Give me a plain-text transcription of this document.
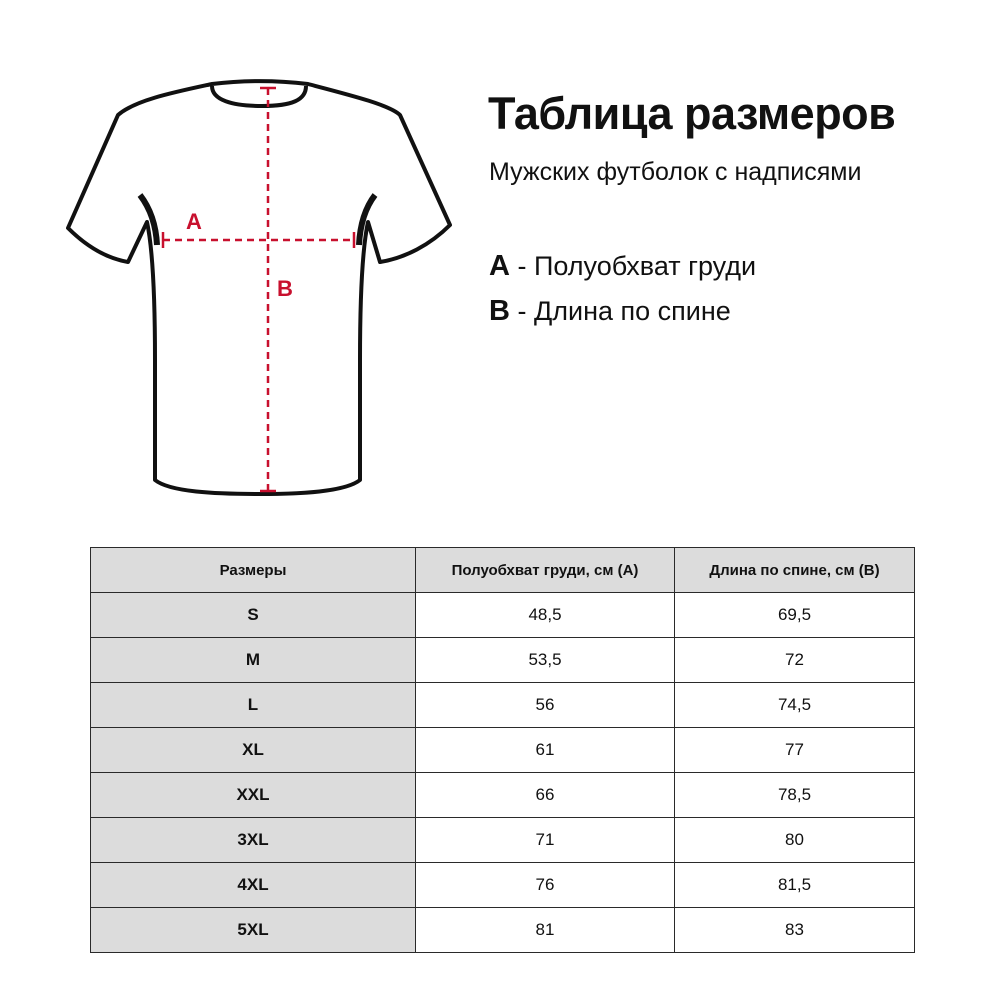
A
B
Таблица размеров
Мужских футболок с надписями
A - Полуобхват груди
B - Длина по спине
Размеры	Полуобхват груди, см (А)	Длина по спине, см (В)
S	48,5	69,5
M	53,5	72
L	56	74,5
XL	61	77
XXL	66	78,5
3XL	71	80
4XL	76	81,5
5XL	81	83
